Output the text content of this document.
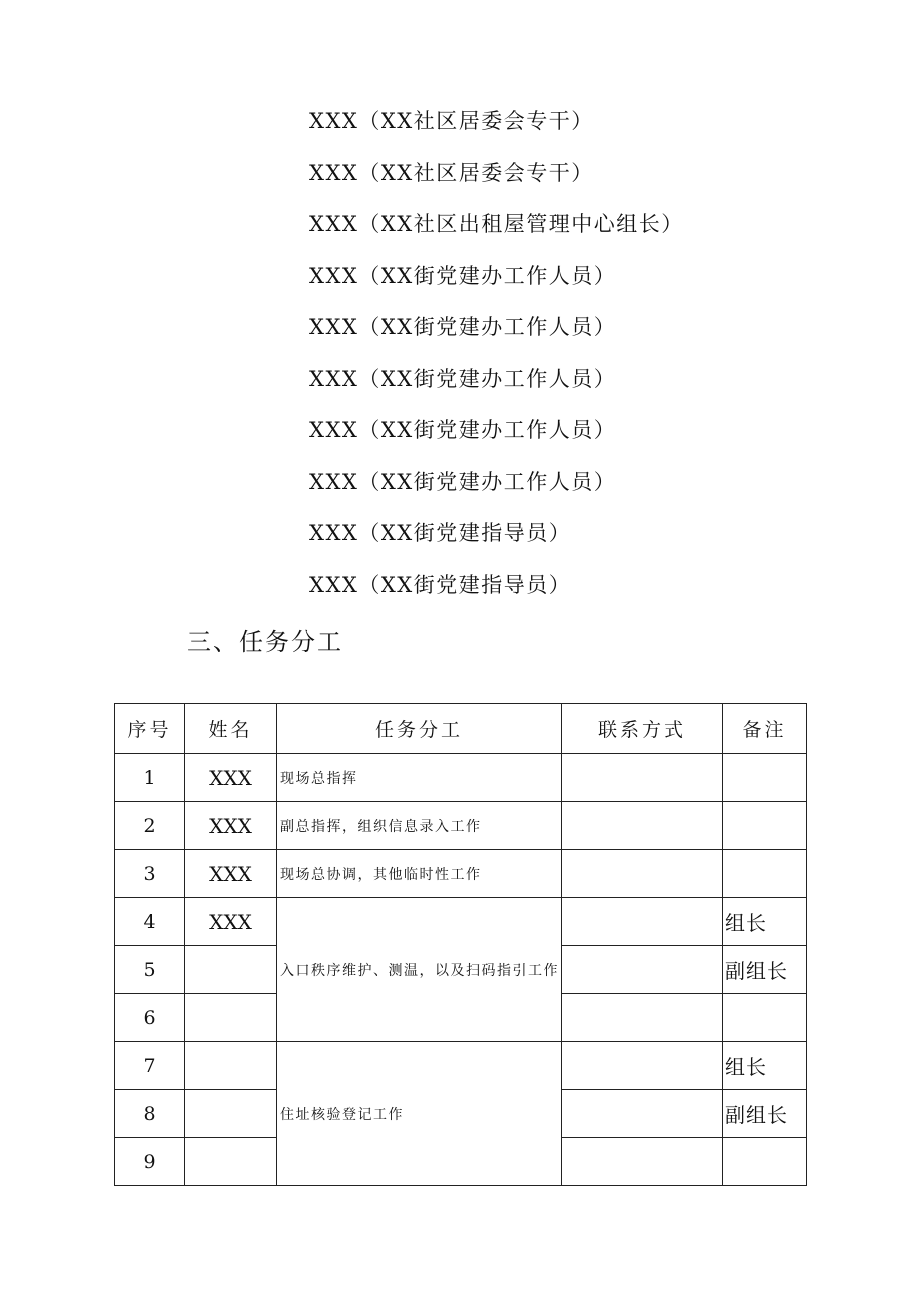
XXX（XX社区居委会专干）
XXX（XX社区居委会专干）
XXX（XX社区出租屋管理中心组长）
XXX（XX街党建办工作人员）
XXX（XX街党建办工作人员）
XXX（XX街党建办工作人员）
XXX（XX街党建办工作人员）
XXX（XX街党建办工作人员）
XXX（XX街党建指导员）
XXX（XX街党建指导员）
三、任务分工
序号	姓名	任务分工	联系方式	备注
1	XXX	现场总指挥		
2	XXX	副总指挥，组织信息录入工作		
3	XXX	现场总协调，其他临时性工作		
4	XXX	入口秩序维护、测温，以及扫码指引工作		组长
5				副组长
6				
7		住址核验登记工作		组长
8				副组长
9				
